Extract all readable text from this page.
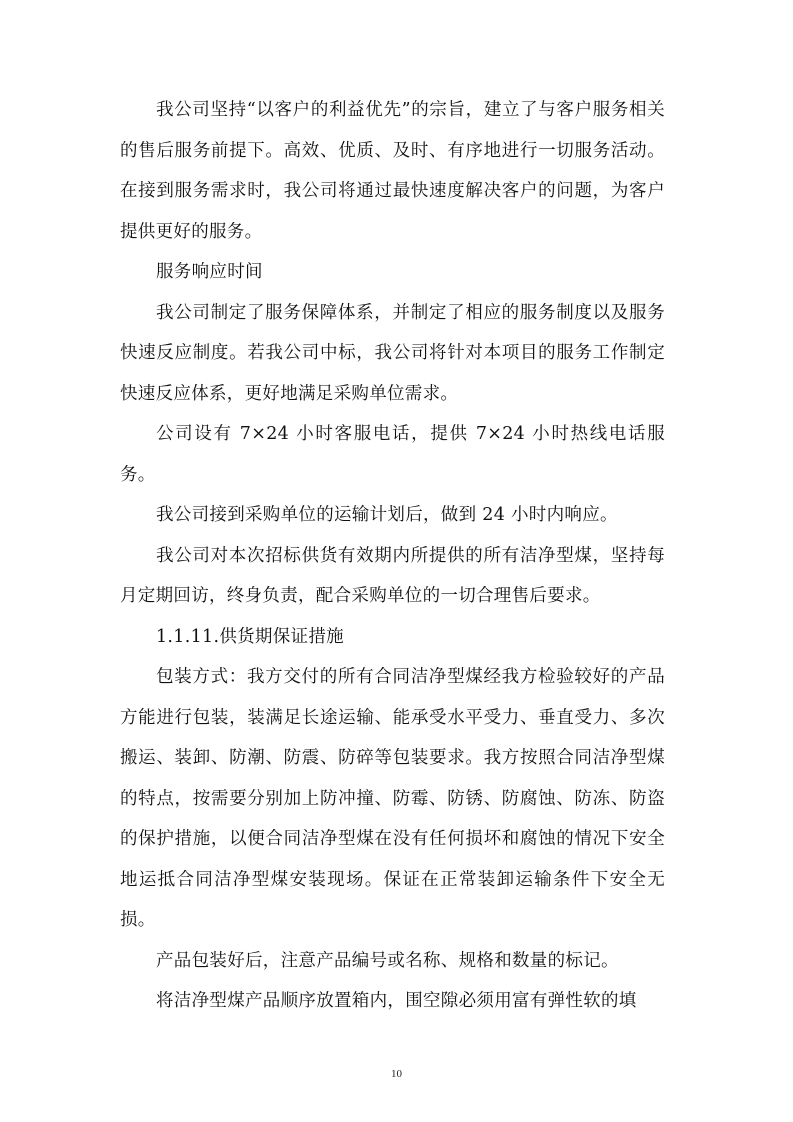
我公司坚持“以客户的利益优先”的宗旨，建立了与客户服务相关的售后服务前提下。高效、优质、及时、有序地进行一切服务活动。在接到服务需求时，我公司将通过最快速度解决客户的问题，为客户提供更好的服务。

服务响应时间

我公司制定了服务保障体系，并制定了相应的服务制度以及服务快速反应制度。若我公司中标，我公司将针对本项目的服务工作制定快速反应体系，更好地满足采购单位需求。

公司设有 7×24 小时客服电话，提供 7×24 小时热线电话服务。

我公司接到采购单位的运输计划后，做到 24 小时内响应。

我公司对本次招标供货有效期内所提供的所有洁净型煤，坚持每月定期回访，终身负责，配合采购单位的一切合理售后要求。

1.1.11.供货期保证措施

包装方式：我方交付的所有合同洁净型煤经我方检验较好的产品方能进行包装，装满足长途运输、能承受水平受力、垂直受力、多次搬运、装卸、防潮、防震、防碎等包装要求。我方按照合同洁净型煤的特点，按需要分别加上防冲撞、防霉、防锈、防腐蚀、防冻、防盗的保护措施，以便合同洁净型煤在没有任何损坏和腐蚀的情况下安全地运抵合同洁净型煤安装现场。保证在正常装卸运输条件下安全无损。

产品包装好后，注意产品编号或名称、规格和数量的标记。

将洁净型煤产品顺序放置箱内，围空隙必须用富有弹性软的填

10
